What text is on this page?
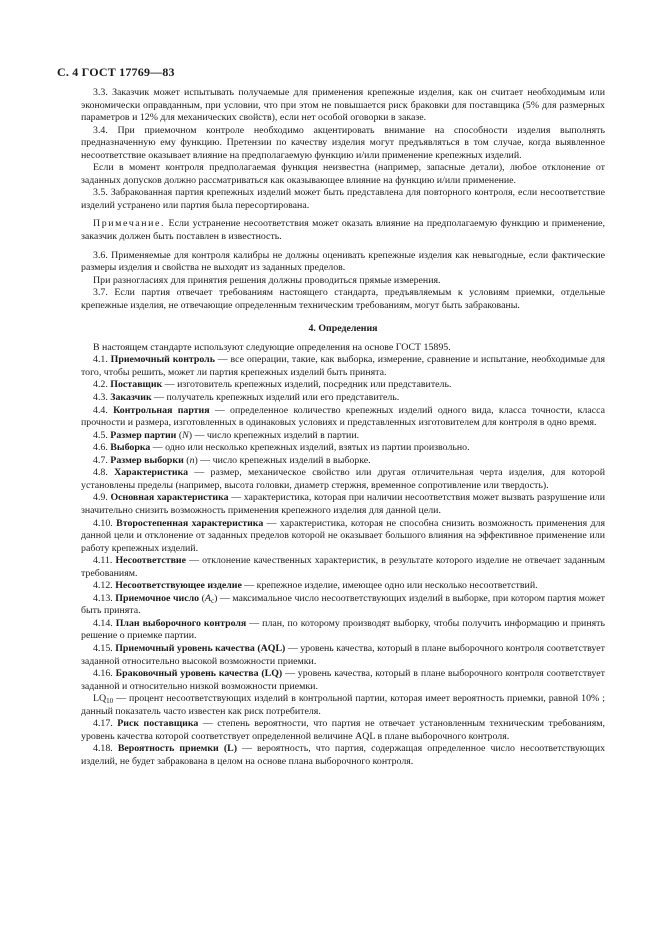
С. 4 ГОСТ 17769—83

3.3. Заказчик может испытывать получаемые для применения крепежные изделия, как он считает необходимым или экономически оправданным, при условии, что при этом не повышается риск браковки для поставщика (5% для размерных параметров и 12% для механических свойств), если нет особой оговорки в заказе.

3.4. При приемочном контроле необходимо акцентировать внимание на способности изделия выполнять предназначенную ему функцию. Претензии по качеству изделия могут предъявляться в том случае, когда выявленное несоответствие оказывает влияние на предполагаемую функцию и/или применение крепежных изделий.

Если в момент контроля предполагаемая функция неизвестна (например, запасные детали), любое отклонение от заданных допусков должно рассматриваться как оказывающее влияние на функцию и/или применение.

3.5. Забракованная партия крепежных изделий может быть представлена для повторного контроля, если несоответствие изделий устранено или партия была пересортирована.

Примечание. Если устранение несоответствия может оказать влияние на предполагаемую функцию и применение, заказчик должен быть поставлен в известность.

3.6. Применяемые для контроля калибры не должны оценивать крепежные изделия как невыгодные, если фактические размеры изделия и свойства не выходят из заданных пределов.

При разногласиях для принятия решения должны проводиться прямые измерения.

3.7. Если партия отвечает требованиям настоящего стандарта, предъявляемым к условиям приемки, отдельные крепежные изделия, не отвечающие определенным техническим требованиям, могут быть забракованы.

4. Определения

В настоящем стандарте используют следующие определения на основе ГОСТ 15895.

4.1. Приемочный контроль — все операции, такие, как выборка, измерение, сравнение и испытание, необходимые для того, чтобы решить, может ли партия крепежных изделий быть принята.

4.2. Поставщик — изготовитель крепежных изделий, посредник или представитель.

4.3. Заказчик — получатель крепежных изделий или его представитель.

4.4. Контрольная партия — определенное количество крепежных изделий одного вида, класса точности, класса прочности и размера, изготовленных в одинаковых условиях и представленных изготовителем для контроля в одно время.

4.5. Размер партии (N) — число крепежных изделий в партии.

4.6. Выборка — одно или несколько крепежных изделий, взятых из партии произвольно.

4.7. Размер выборки (n) — число крепежных изделий в выборке.

4.8. Характеристика — размер, механическое свойство или другая отличительная черта изделия, для которой установлены пределы (например, высота головки, диаметр стержня, временное сопротивление или твердость).

4.9. Основная характеристика — характеристика, которая при наличии несоответствия может вызвать разрушение или значительно снизить возможность применения крепежного изделия для данной цели.

4.10. Второстепенная характеристика — характеристика, которая не способна снизить возможность применения для данной цели и отклонение от заданных пределов которой не оказывает большого влияния на эффективное применение или работу крепежных изделий.

4.11. Несоответствие — отклонение качественных характеристик, в результате которого изделие не отвечает заданным требованиям.

4.12. Несоответствующее изделие — крепежное изделие, имеющее одно или несколько несоответствий.

4.13. Приемочное число $(A_c)$ — максимальное число несоответствующих изделий в выборке, при котором партия может быть принята.

4.14. План выборочного контроля — план, по которому производят выборку, чтобы получить информацию и принять решение о приемке партии.

4.15. Приемочный уровень качества (AQL) — уровень качества, который в плане выборочного контроля соответствует заданной относительно высокой возможности приемки.

4.16. Браковочный уровень качества (LQ) — уровень качества, который в плане выборочного контроля соответствует заданной и относительно низкой возможности приемки.

$LQ_{10}$ — процент несоответствующих изделий в контрольной партии, которая имеет вероятность приемки, равной 10% ; данный показатель часто известен как риск потребителя.

4.17. Риск поставщика — степень вероятности, что партия не отвечает установленным техническим требованиям, уровень качества которой соответствует определенной величине AQL в плане выборочного контроля.

4.18. Вероятность приемки (L) — вероятность, что партия, содержащая определенное число несоответствующих изделий, не будет забракована в целом на основе плана выборочного контроля.
